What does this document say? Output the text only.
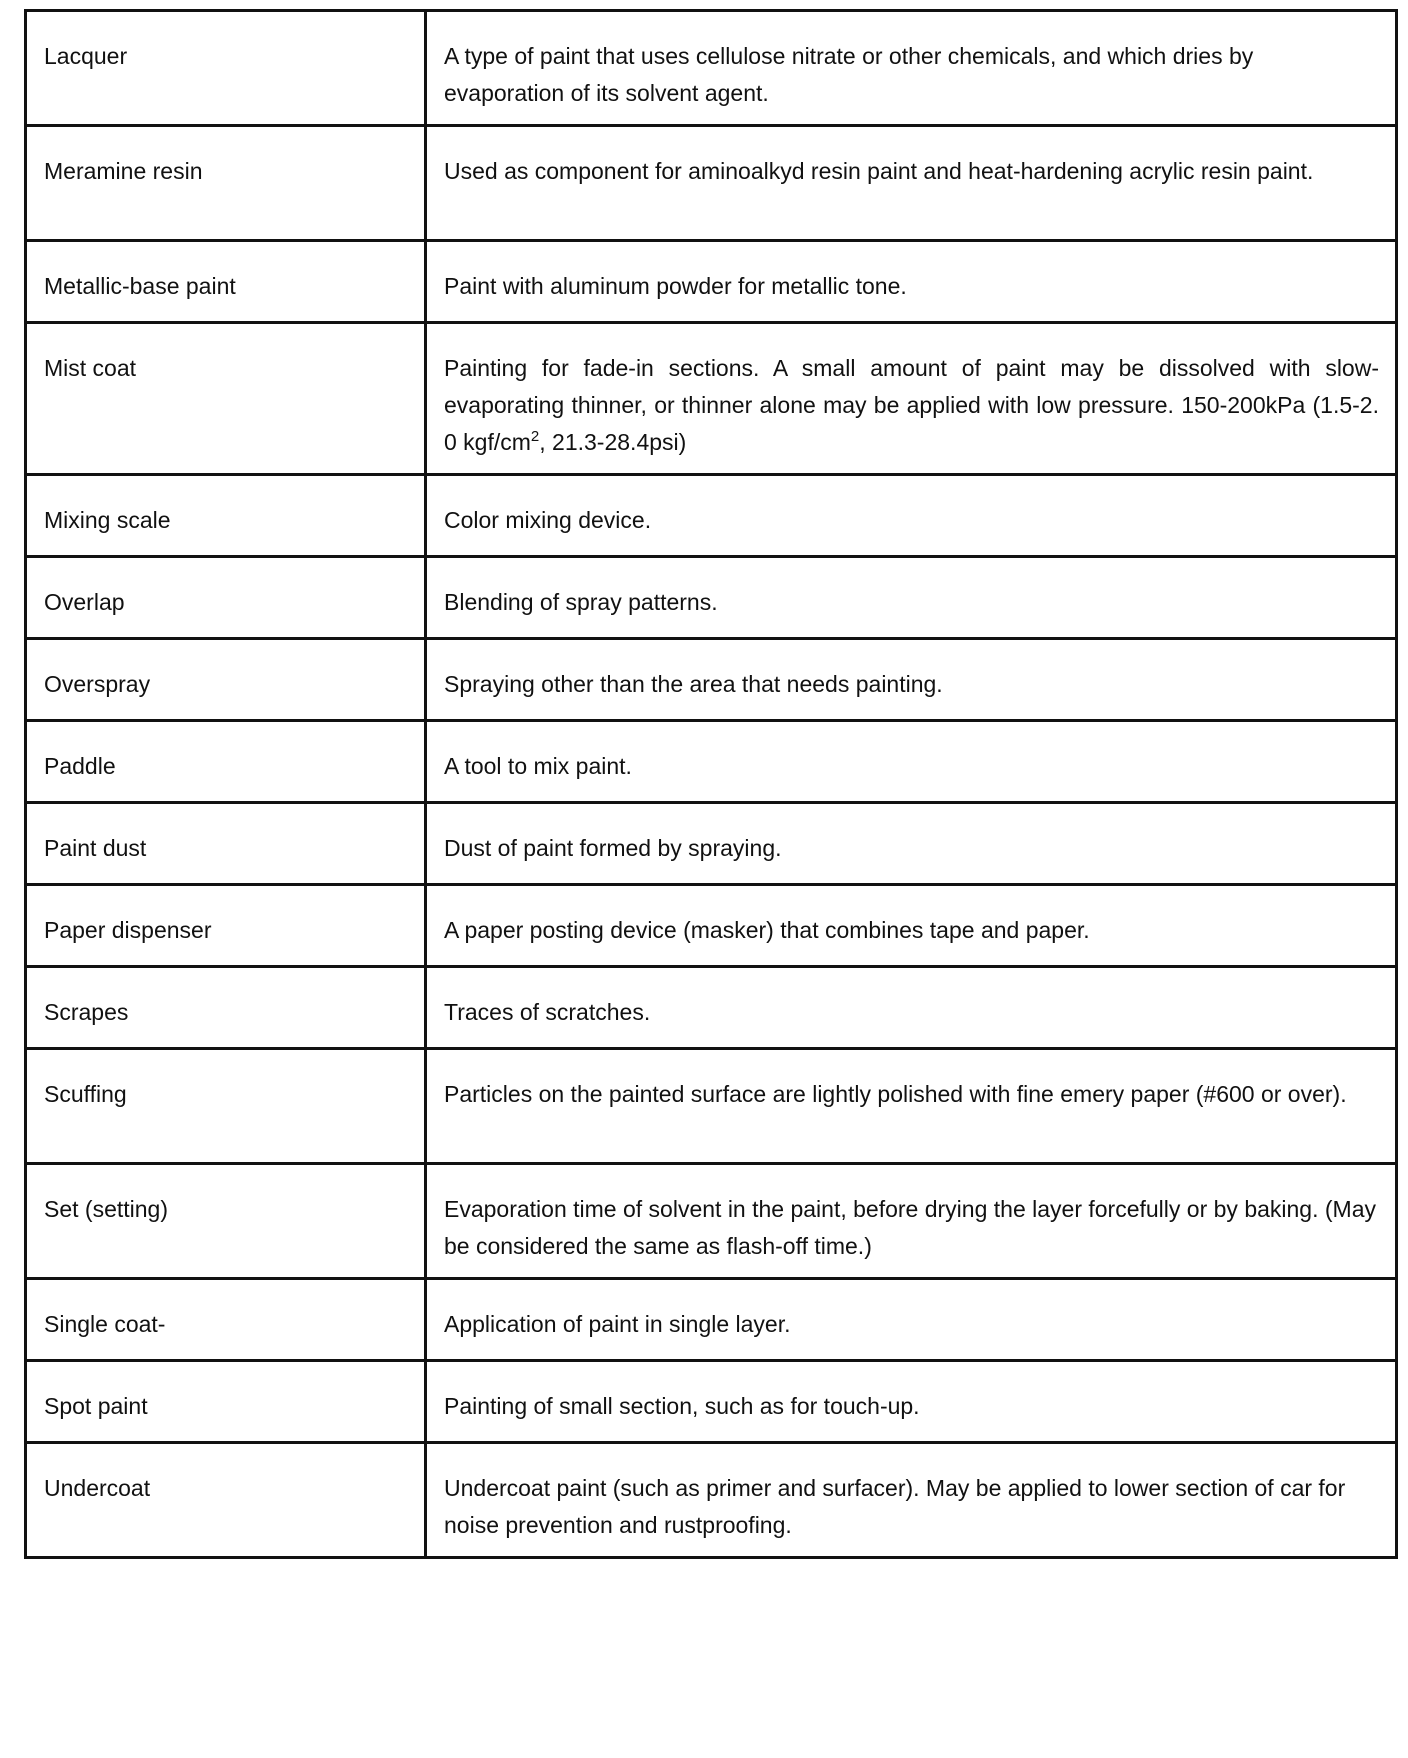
Lacquer	A type of paint that uses cellulose nitrate or other chemicals, and which dries by evaporation of its solvent agent.
Meramine resin	Used as component for aminoalkyd resin paint and heat-hardening acrylic resin paint.
Metallic-base paint	Paint with aluminum powder for metallic tone.
Mist coat	Painting for fade-in sections. A small amount of paint may be dissolved with slow-evaporating thinner, or thinner alone may be applied with low pressure. 150-200kPa (1.5-2. 0 kgf/$cm^2$, 21.3-28.4psi)
Mixing scale	Color mixing device.
Overlap	Blending of spray patterns.
Overspray	Spraying other than the area that needs painting.
Paddle	A tool to mix paint.
Paint dust	Dust of paint formed by spraying.
Paper dispenser	A paper posting device (masker) that combines tape and paper.
Scrapes	Traces of scratches.
Scuffing	Particles on the painted surface are lightly polished with fine emery paper (#600 or over).
Set (setting)	Evaporation time of solvent in the paint, before drying the layer forcefully or by baking. (May be considered the same as flash-off time.)
Single coat-	Application of paint in single layer.
Spot paint	Painting of small section, such as for touch-up.
Undercoat	Undercoat paint (such as primer and surfacer). May be applied to lower section of car for noise prevention and rustproofing.
